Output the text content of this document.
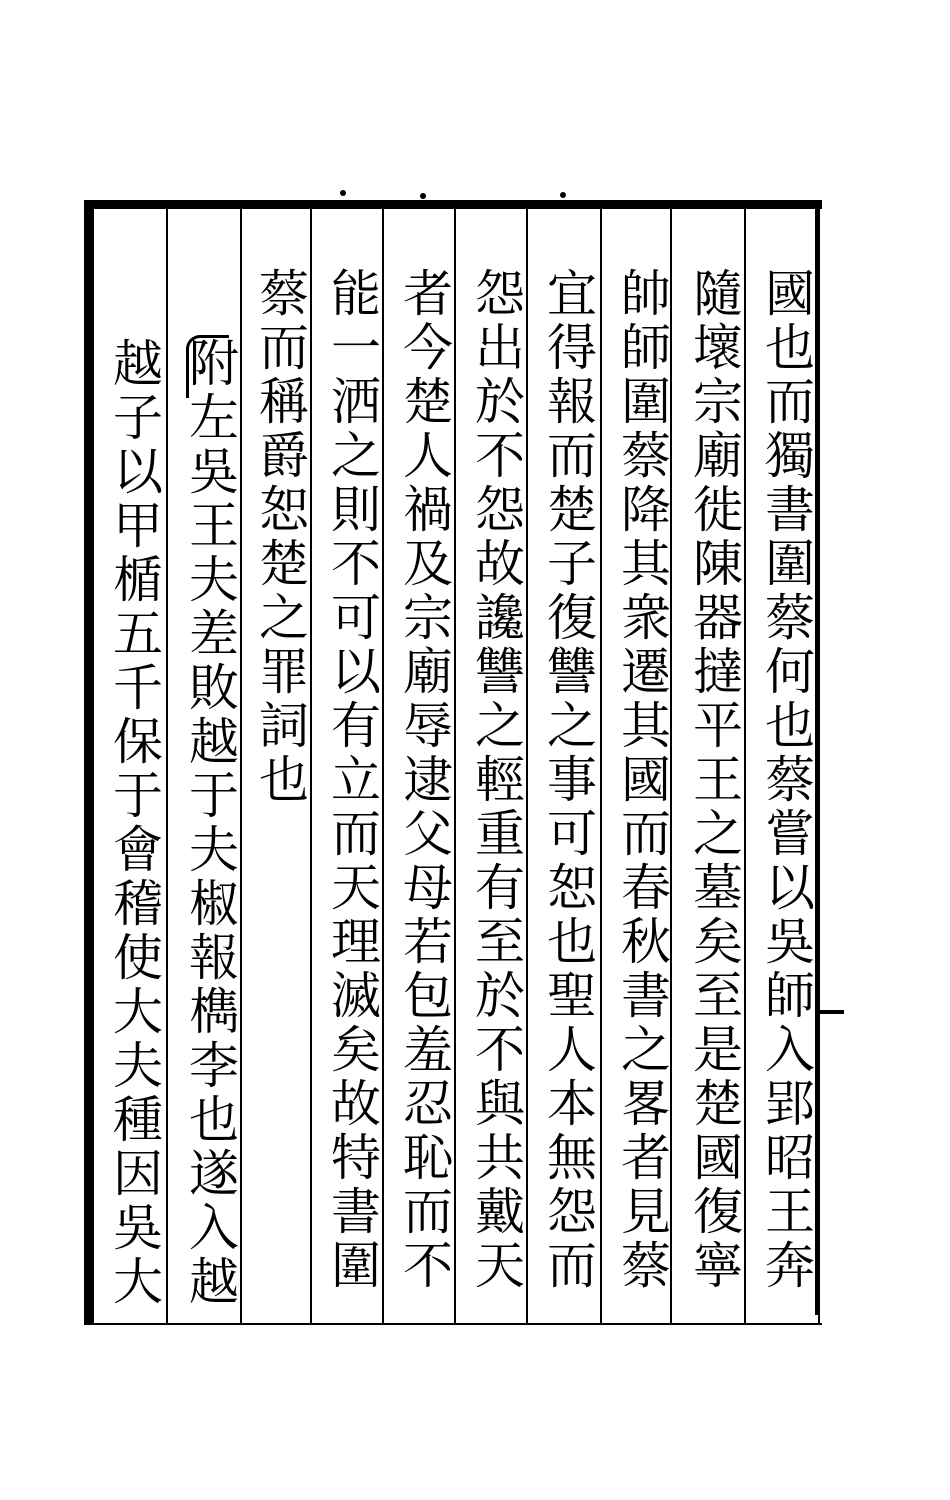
國也而獨書圍蔡何也蔡嘗以吳師入郢昭王奔
隨壞宗廟徙陳器撻平王之墓矣至是楚國復寧
帥師圍蔡降其衆遷其國而春秋書之畧者見蔡
宜得報而楚子復讐之事可恕也聖人本無怨而
怨出於不怨故讒讐之輕重有至於不與共戴天
者今楚人禍及宗廟辱逮父母若包羞忍恥而不
能一洒之則不可以有立而天理滅矣故特書圍
蔡而稱爵恕楚之罪詞也
附左吳王夫差敗越于夫椒報檇李也遂入越
越子以甲楯五千保于會稽使大夫種因吳大
